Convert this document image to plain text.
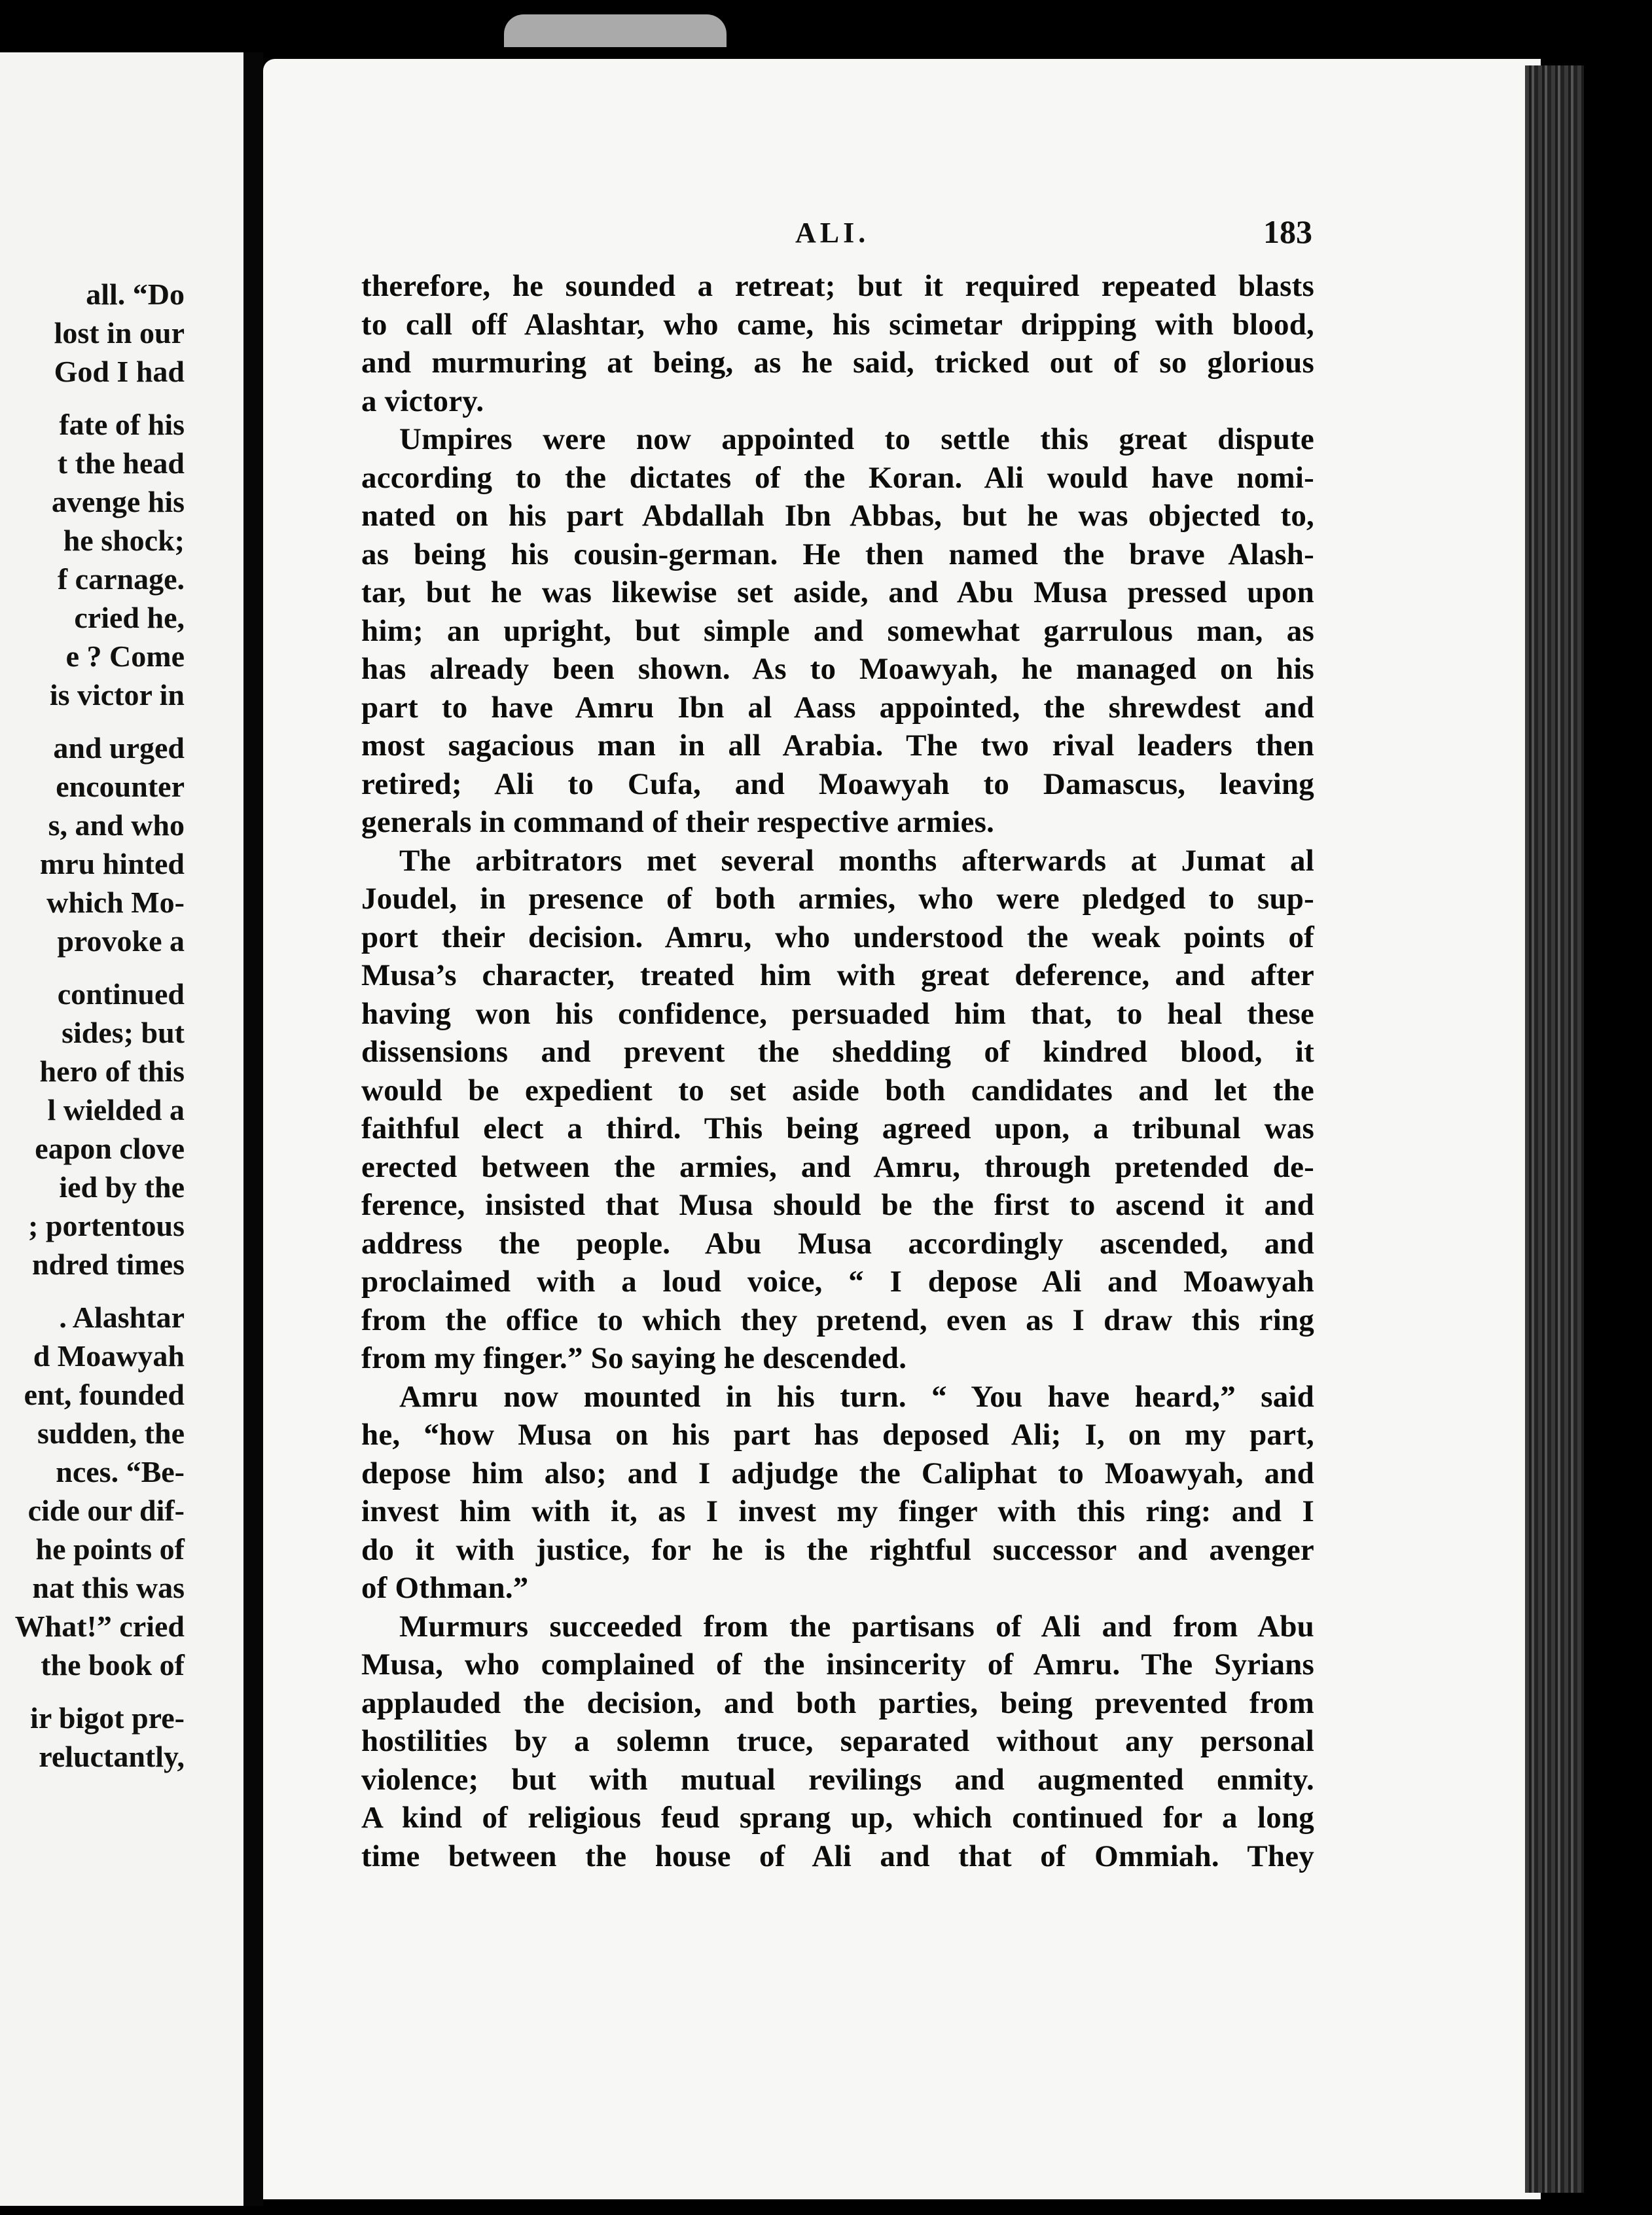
all. “Do
lost in our
God I had
fate of his
t the head
avenge his
he shock;
f carnage.
cried he,
e ? Come
is victor in
and urged
encounter
s, and who
mru hinted
which Mo-
provoke a
continued
sides; but
hero of this
l wielded a
eapon clove
ied by the
; portentous
ndred times
. Alashtar
d Moawyah
ent, founded
sudden, the
nces. “Be-
cide our dif-
he points of
nat this was
What!” cried
the book of
ir bigot pre-
reluctantly,
ALI.	183
therefore, he sounded a retreat; but it required repeated blasts
to call off Alashtar, who came, his scimetar dripping with blood,
and murmuring at being, as he said, tricked out of so glorious
a victory.
Umpires were now appointed to settle this great dispute
according to the dictates of the Koran. Ali would have nomi-
nated on his part Abdallah Ibn Abbas, but he was objected to,
as being his cousin-german. He then named the brave Alash-
tar, but he was likewise set aside, and Abu Musa pressed upon
him; an upright, but simple and somewhat garrulous man, as
has already been shown. As to Moawyah, he managed on his
part to have Amru Ibn al Aass appointed, the shrewdest and
most sagacious man in all Arabia. The two rival leaders then
retired; Ali to Cufa, and Moawyah to Damascus, leaving
generals in command of their respective armies.
The arbitrators met several months afterwards at Jumat al
Joudel, in presence of both armies, who were pledged to sup-
port their decision. Amru, who understood the weak points of
Musa’s character, treated him with great deference, and after
having won his confidence, persuaded him that, to heal these
dissensions and prevent the shedding of kindred blood, it
would be expedient to set aside both candidates and let the
faithful elect a third. This being agreed upon, a tribunal was
erected between the armies, and Amru, through pretended de-
ference, insisted that Musa should be the first to ascend it and
address the people. Abu Musa accordingly ascended, and
proclaimed with a loud voice, “ I depose Ali and Moawyah
from the office to which they pretend, even as I draw this ring
from my finger.” So saying he descended.
Amru now mounted in his turn. “ You have heard,” said
he, “how Musa on his part has deposed Ali; I, on my part,
depose him also; and I adjudge the Caliphat to Moawyah, and
invest him with it, as I invest my finger with this ring: and I
do it with justice, for he is the rightful successor and avenger
of Othman.”
Murmurs succeeded from the partisans of Ali and from Abu
Musa, who complained of the insincerity of Amru. The Syrians
applauded the decision, and both parties, being prevented from
hostilities by a solemn truce, separated without any personal
violence; but with mutual revilings and augmented enmity.
A kind of religious feud sprang up, which continued for a long
time between the house of Ali and that of Ommiah. They
